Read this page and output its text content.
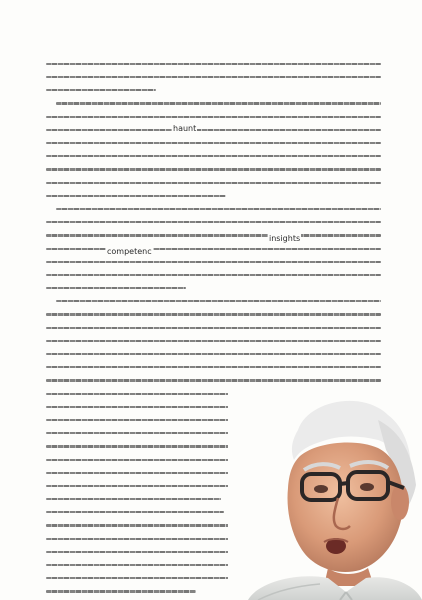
haunt
insights
competenc
